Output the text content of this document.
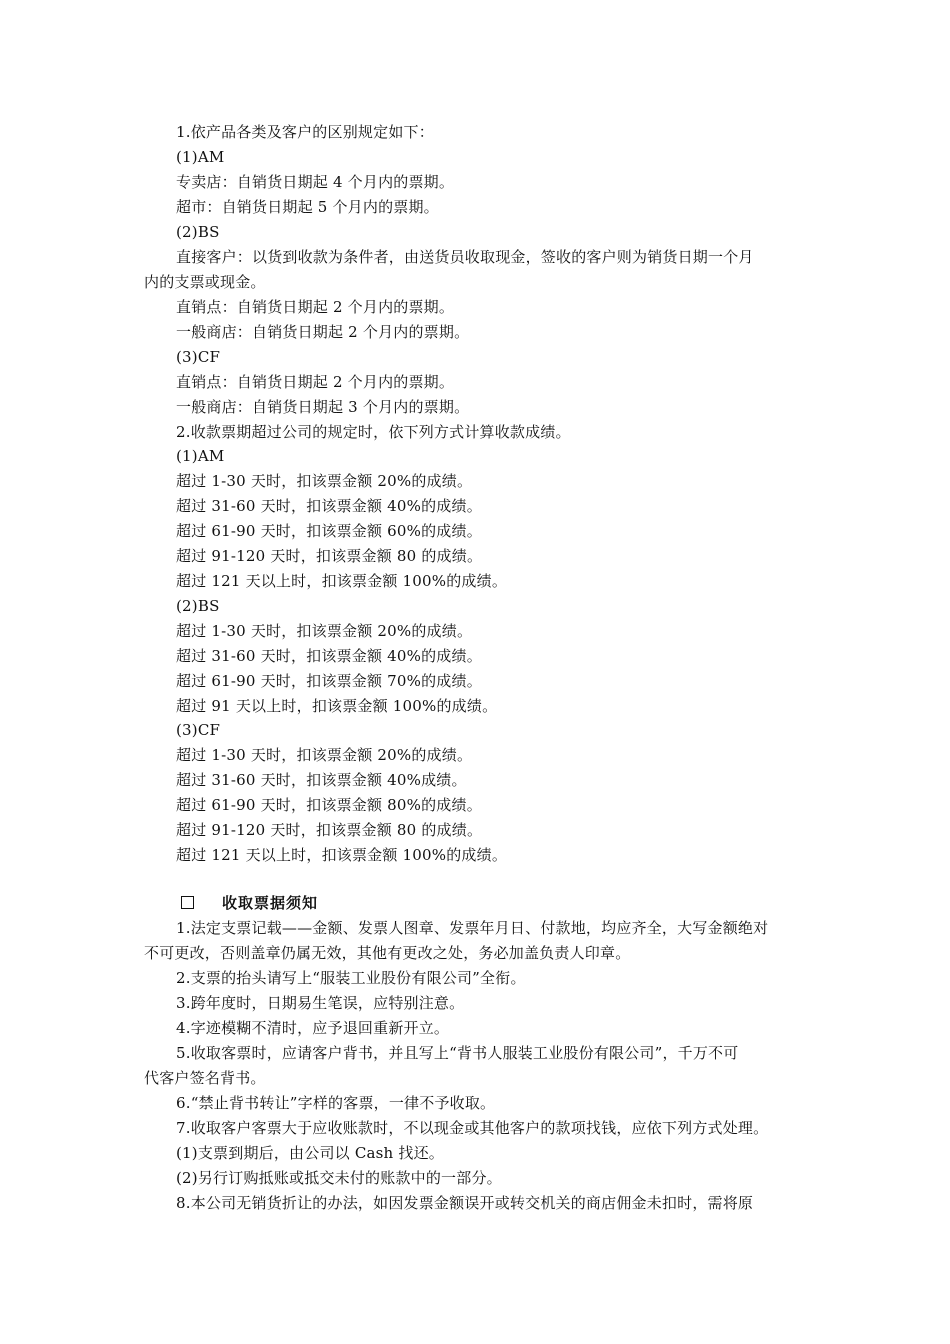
1.依产品各类及客户的区别规定如下：
(1)AM
专卖店：自销货日期起 4 个月内的票期。
超市：自销货日期起 5 个月内的票期。
(2)BS
直接客户：以货到收款为条件者，由送货员收取现金，签收的客户则为销货日期一个月
内的支票或现金。
直销点：自销货日期起 2 个月内的票期。
一般商店：自销货日期起 2 个月内的票期。
(3)CF
直销点：自销货日期起 2 个月内的票期。
一般商店：自销货日期起 3 个月内的票期。
2.收款票期超过公司的规定时，依下列方式计算收款成绩。
(1)AM
超过 1-30 天时，扣该票金额 20%的成绩。
超过 31-60 天时，扣该票金额 40%的成绩。
超过 61-90 天时，扣该票金额 60%的成绩。
超过 91-120 天时，扣该票金额 80 的成绩。
超过 121 天以上时，扣该票金额 100%的成绩。
(2)BS
超过 1-30 天时，扣该票金额 20%的成绩。
超过 31-60 天时，扣该票金额 40%的成绩。
超过 61-90 天时，扣该票金额 70%的成绩。
超过 91 天以上时，扣该票金额 100%的成绩。
(3)CF
超过 1-30 天时，扣该票金额 20%的成绩。
超过 31-60 天时，扣该票金额 40%成绩。
超过 61-90 天时，扣该票金额 80%的成绩。
超过 91-120 天时，扣该票金额 80 的成绩。
超过 121 天以上时，扣该票金额 100%的成绩。
收取票据须知
1.法定支票记载——金额、发票人图章、发票年月日、付款地，均应齐全，大写金额绝对
不可更改，否则盖章仍属无效，其他有更改之处，务必加盖负责人印章。
2.支票的抬头请写上“服装工业股份有限公司”全衔。
3.跨年度时，日期易生笔误，应特别注意。
4.字迹模糊不清时，应予退回重新开立。
5.收取客票时，应请客户背书，并且写上“背书人服装工业股份有限公司”，千万不可
代客户签名背书。
6.“禁止背书转让”字样的客票，一律不予收取。
7.收取客户客票大于应收账款时，不以现金或其他客户的款项找钱，应依下列方式处理。
(1)支票到期后，由公司以 Cash 找还。
(2)另行订购抵账或抵交未付的账款中的一部分。
8.本公司无销货折让的办法，如因发票金额误开或转交机关的商店佣金未扣时，需将原
